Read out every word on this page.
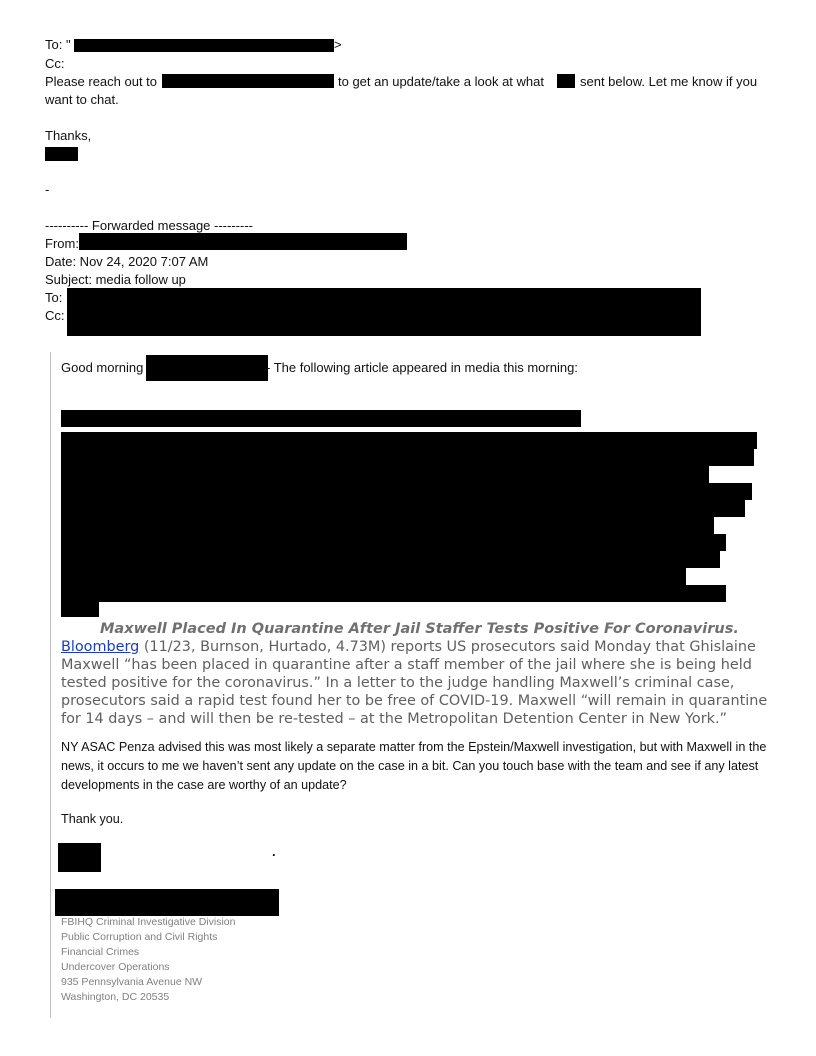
To: "	>
Cc:
Please reach out to	to get an update/take a look at what	sent below. Let me know if you
want to chat.
Thanks,
-
---------- Forwarded message ---------
From:
Date: Nov 24, 2020 7:07 AM
Subject: media follow up
To:
Cc:
Good morning	- The following article appeared in media this morning:
Maxwell Placed In Quarantine After Jail Staffer Tests Positive For Coronavirus.
Bloomberg (11/23, Burnson, Hurtado, 4.73M) reports US prosecutors said Monday that Ghislaine Maxwell “has been placed in quarantine after a staff member of the jail where she is being held tested positive for the coronavirus.” In a letter to the judge handling Maxwell’s criminal case, prosecutors said a rapid test found her to be free of COVID-19. Maxwell “will remain in quarantine for 14 days – and will then be re-tested – at the Metropolitan Detention Center in New York.”
NY ASAC Penza advised this was most likely a separate matter from the Epstein/Maxwell investigation, but with Maxwell in the news, it occurs to me we haven’t sent any update on the case in a bit. Can you touch base with the team and see if any latest developments in the case are worthy of an update?
Thank you.
.
FBIHQ Criminal Investigative Division
Public Corruption and Civil Rights
Financial Crimes
Undercover Operations
935 Pennsylvania Avenue NW
Washington, DC 20535
